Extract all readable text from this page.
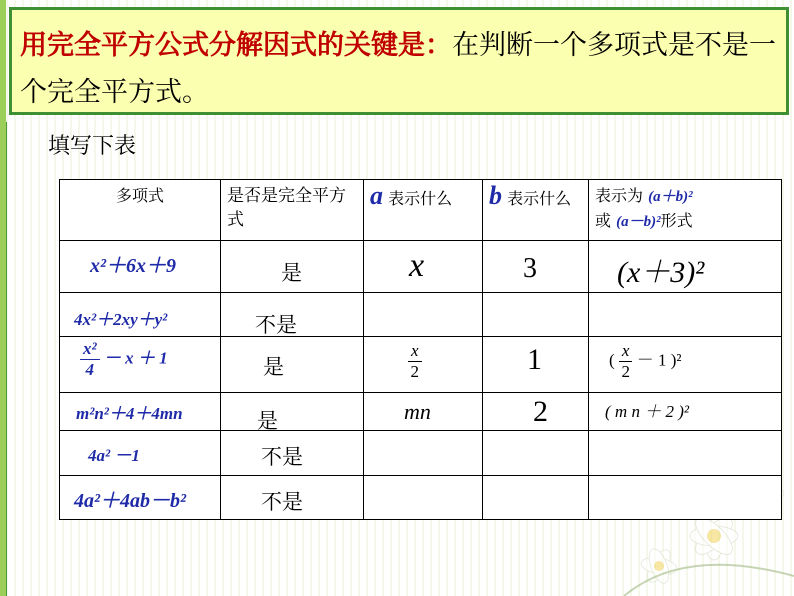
用完全平方公式分解因式的关键是：在判断一个多项式是不是一个完全平方式。
填写下表
多项式	是否是完全平方式	a 表示什么	b 表示什么	表示为 (a＋b)²
或 (a－b)²形式

x²＋6x＋9	是	x	3	(x＋3)²

4x²＋2xy＋y²	不是			

$\frac{\text{x²}}{4} - x + 1$	是	$\frac{x}{2}$	1	( $\frac{x}{2} - 1$ )²

m²n²＋4＋4mn	是	mn	2	( m n ＋ 2 )²

4a² －1	不是			

4a²＋4ab－b²	不是			
